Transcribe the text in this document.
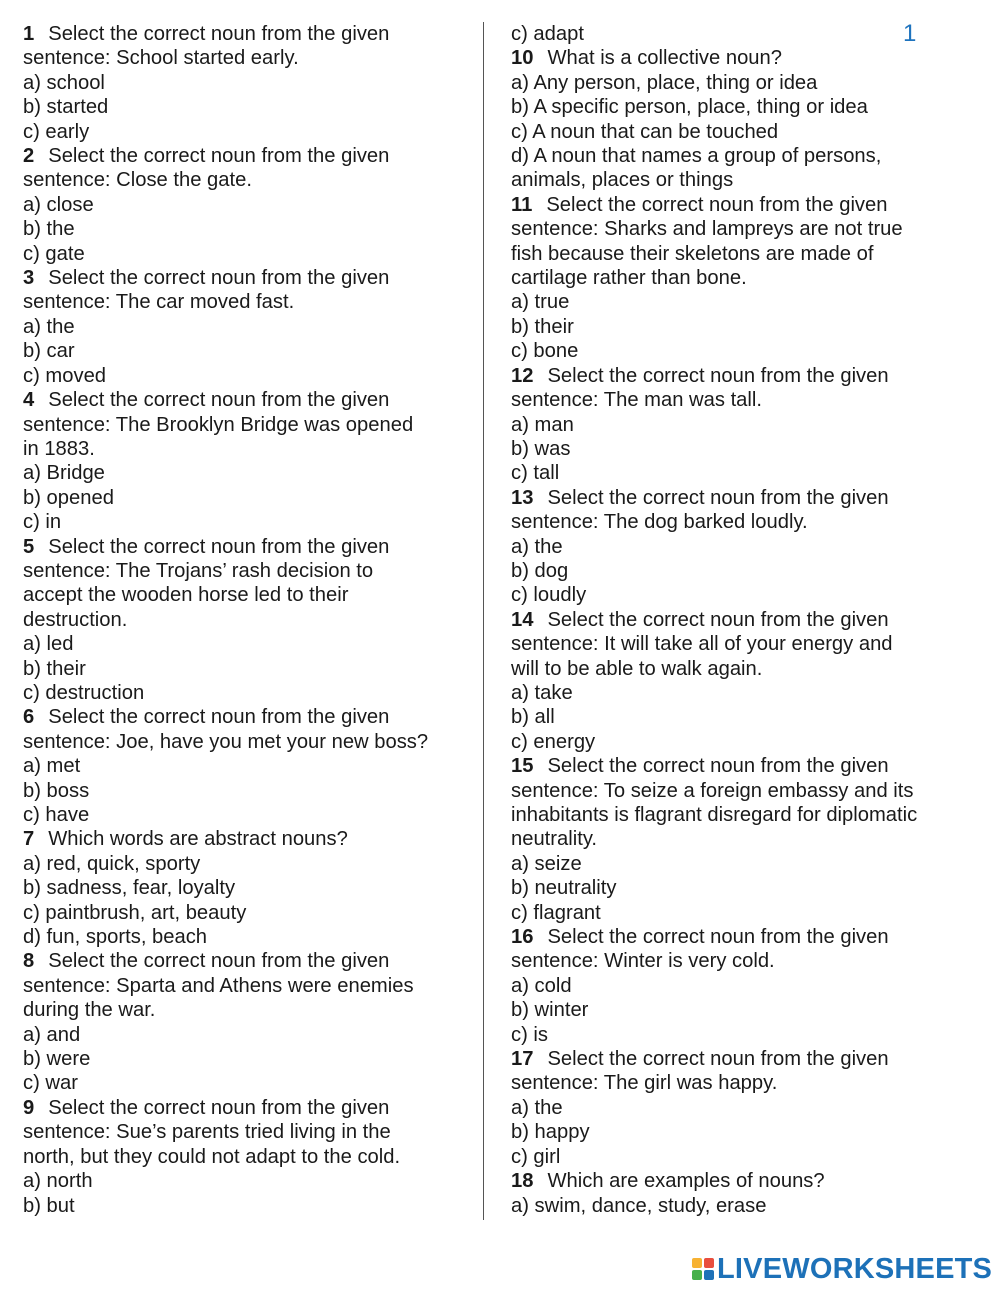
1 Select the correct noun from the given
sentence: School started early.
a) school
b) started
c) early
2 Select the correct noun from the given
sentence: Close the gate.
a) close
b) the
c) gate
3 Select the correct noun from the given
sentence: The car moved fast.
a) the
b) car
c) moved
4 Select the correct noun from the given
sentence: The Brooklyn Bridge was opened
in 1883.
a) Bridge
b) opened
c) in
5 Select the correct noun from the given
sentence: The Trojans’ rash decision to
accept the wooden horse led to their
destruction.
a) led
b) their
c) destruction
6 Select the correct noun from the given
sentence: Joe, have you met your new boss?
a) met
b) boss
c) have
7 Which words are abstract nouns?
a) red, quick, sporty
b) sadness, fear, loyalty
c) paintbrush, art, beauty
d) fun, sports, beach
8 Select the correct noun from the given
sentence: Sparta and Athens were enemies
during the war.
a) and
b) were
c) war
9 Select the correct noun from the given
sentence: Sue’s parents tried living in the
north, but they could not adapt to the cold.
a) north
b) but
c) adapt
10 What is a collective noun?
a) Any person, place, thing or idea
b) A specific person, place, thing or idea
c) A noun that can be touched
d) A noun that names a group of persons,
animals, places or things
11 Select the correct noun from the given
sentence: Sharks and lampreys are not true
fish because their skeletons are made of
cartilage rather than bone.
a) true
b) their
c) bone
12 Select the correct noun from the given
sentence: The man was tall.
a) man
b) was
c) tall
13 Select the correct noun from the given
sentence: The dog barked loudly.
a) the
b) dog
c) loudly
14 Select the correct noun from the given
sentence: It will take all of your energy and
will to be able to walk again.
a) take
b) all
c) energy
15 Select the correct noun from the given
sentence: To seize a foreign embassy and its
inhabitants is flagrant disregard for diplomatic
neutrality.
a) seize
b) neutrality
c) flagrant
16 Select the correct noun from the given
sentence: Winter is very cold.
a) cold
b) winter
c) is
17 Select the correct noun from the given
sentence: The girl was happy.
a) the
b) happy
c) girl
18 Which are examples of nouns?
a) swim, dance, study, erase
1
LIVEWORKSHEETS
